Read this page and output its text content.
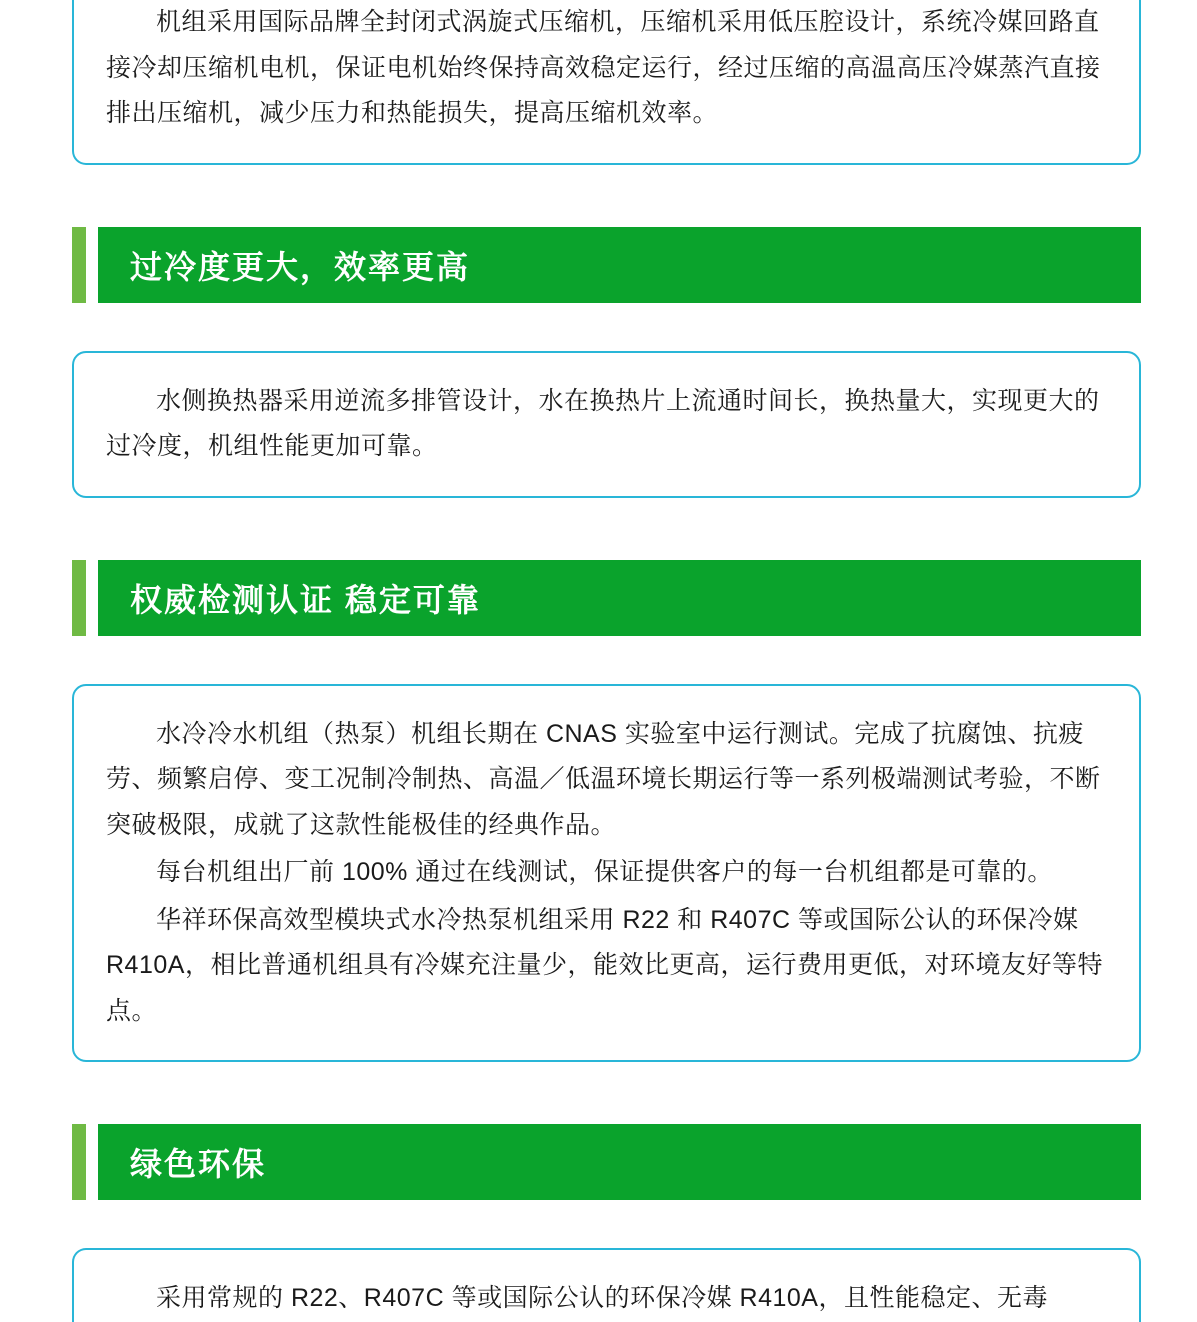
机组采用国际品牌全封闭式涡旋式压缩机，压缩机采用低压腔设计，系统冷媒回路直接冷却压缩机电机，保证电机始终保持高效稳定运行，经过压缩的高温高压冷媒蒸汽直接排出压缩机，减少压力和热能损失，提高压缩机效率。

过冷度更大，效率更高

水侧换热器采用逆流多排管设计，水在换热片上流通时间长，换热量大，实现更大的过冷度，机组性能更加可靠。

权威检测认证 稳定可靠

水冷冷水机组（热泵）机组长期在 CNAS 实验室中运行测试。完成了抗腐蚀、抗疲劳、频繁启停、变工况制冷制热、高温／低温环境长期运行等一系列极端测试考验，不断突破极限，成就了这款性能极佳的经典作品。

每台机组出厂前 100% 通过在线测试，保证提供客户的每一台机组都是可靠的。

华祥环保高效型模块式水冷热泵机组采用 R22 和 R407C 等或国际公认的环保冷媒 R410A，相比普通机组具有冷媒充注量少，能效比更高，运行费用更低，对环境友好等特点。

绿色环保

采用常规的 R22、R407C 等或国际公认的环保冷媒 R410A，且̀性能稳定、无毒
